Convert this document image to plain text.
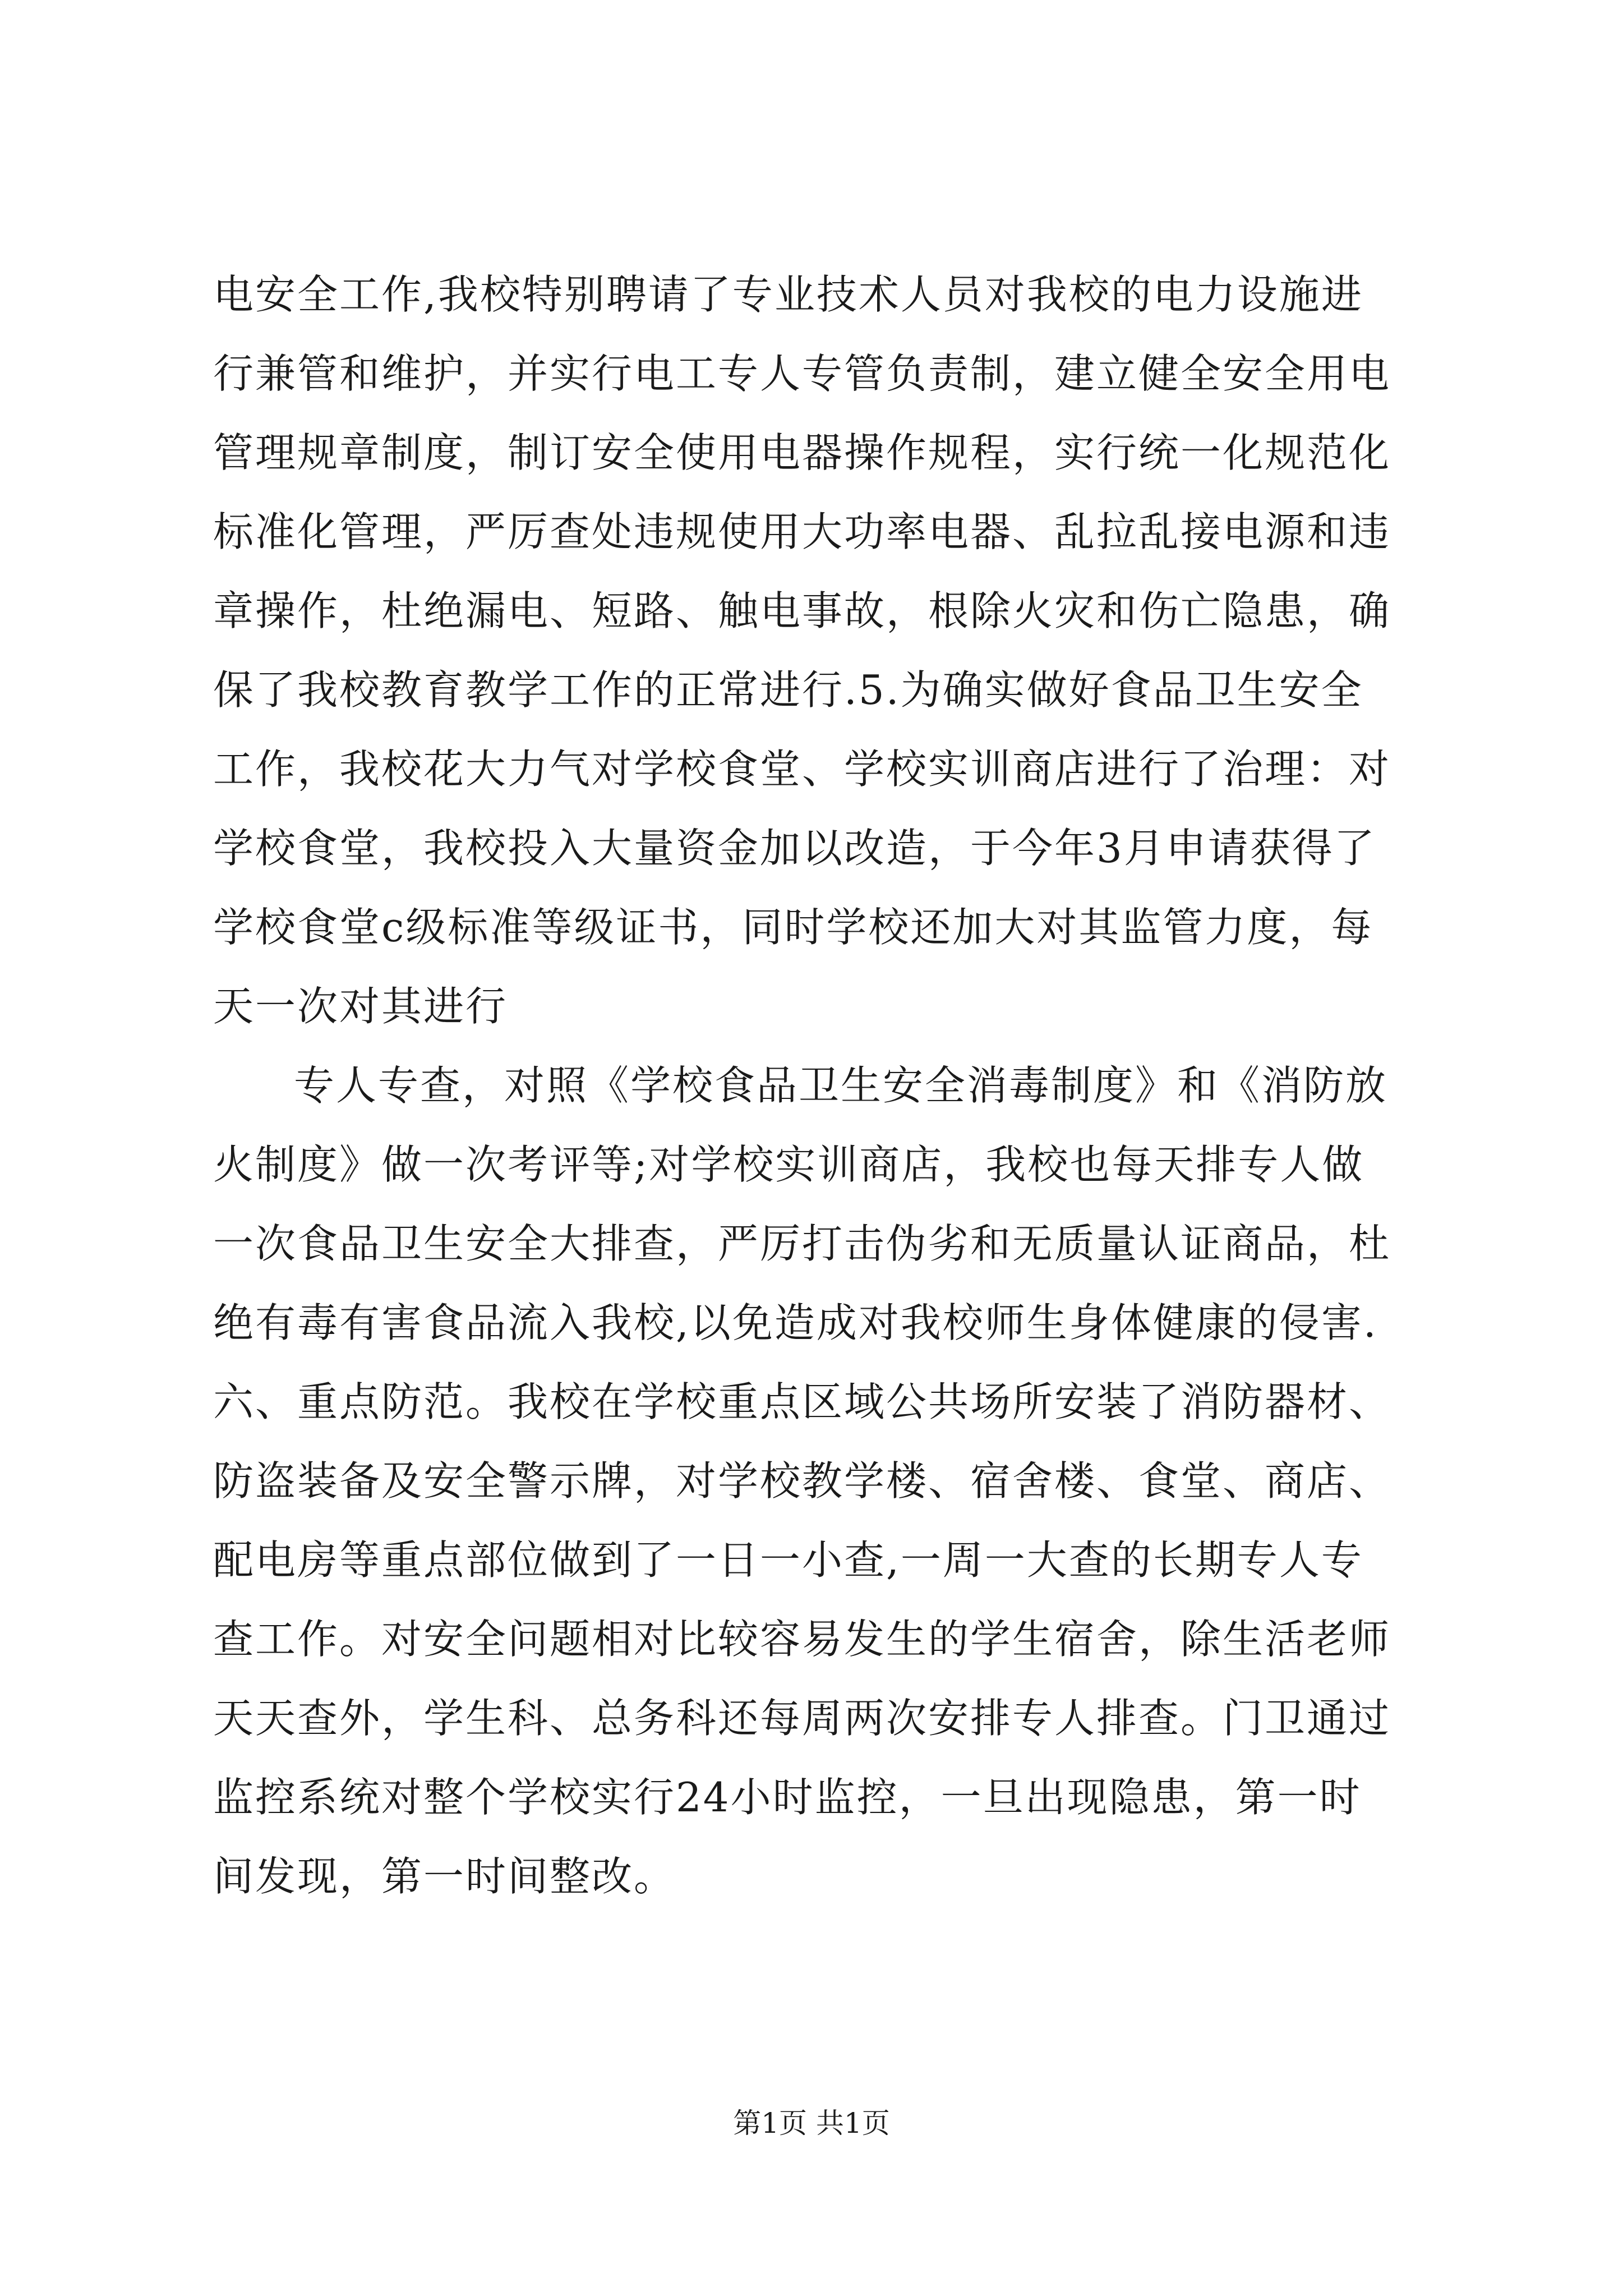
电安全工作,我校特别聘请了专业技术人员对我校的电力设施进
行兼管和维护，并实行电工专人专管负责制，建立健全安全用电
管理规章制度，制订安全使用电器操作规程，实行统一化规范化
标准化管理，严厉查处违规使用大功率电器、乱拉乱接电源和违
章操作，杜绝漏电、短路、触电事故，根除火灾和伤亡隐患，确
保了我校教育教学工作的正常进行.5.为确实做好食品卫生安全
工作，我校花大力气对学校食堂、学校实训商店进行了治理：对
学校食堂，我校投入大量资金加以改造，于今年3月申请获得了
学校食堂c级标准等级证书，同时学校还加大对其监管力度，每
天一次对其进行
专人专查，对照《学校食品卫生安全消毒制度》和《消防放
火制度》做一次考评等;对学校实训商店，我校也每天排专人做
一次食品卫生安全大排查，严厉打击伪劣和无质量认证商品，杜
绝有毒有害食品流入我校,以免造成对我校师生身体健康的侵害.
六、重点防范。我校在学校重点区域公共场所安装了消防器材、
防盗装备及安全警示牌，对学校教学楼、宿舍楼、食堂、商店、
配电房等重点部位做到了一日一小查,一周一大查的长期专人专
查工作。对安全问题相对比较容易发生的学生宿舍，除生活老师
天天查外，学生科、总务科还每周两次安排专人排查。门卫通过
监控系统对整个学校实行24小时监控，一旦出现隐患，第一时
间发现，第一时间整改。
第1页 共1页
